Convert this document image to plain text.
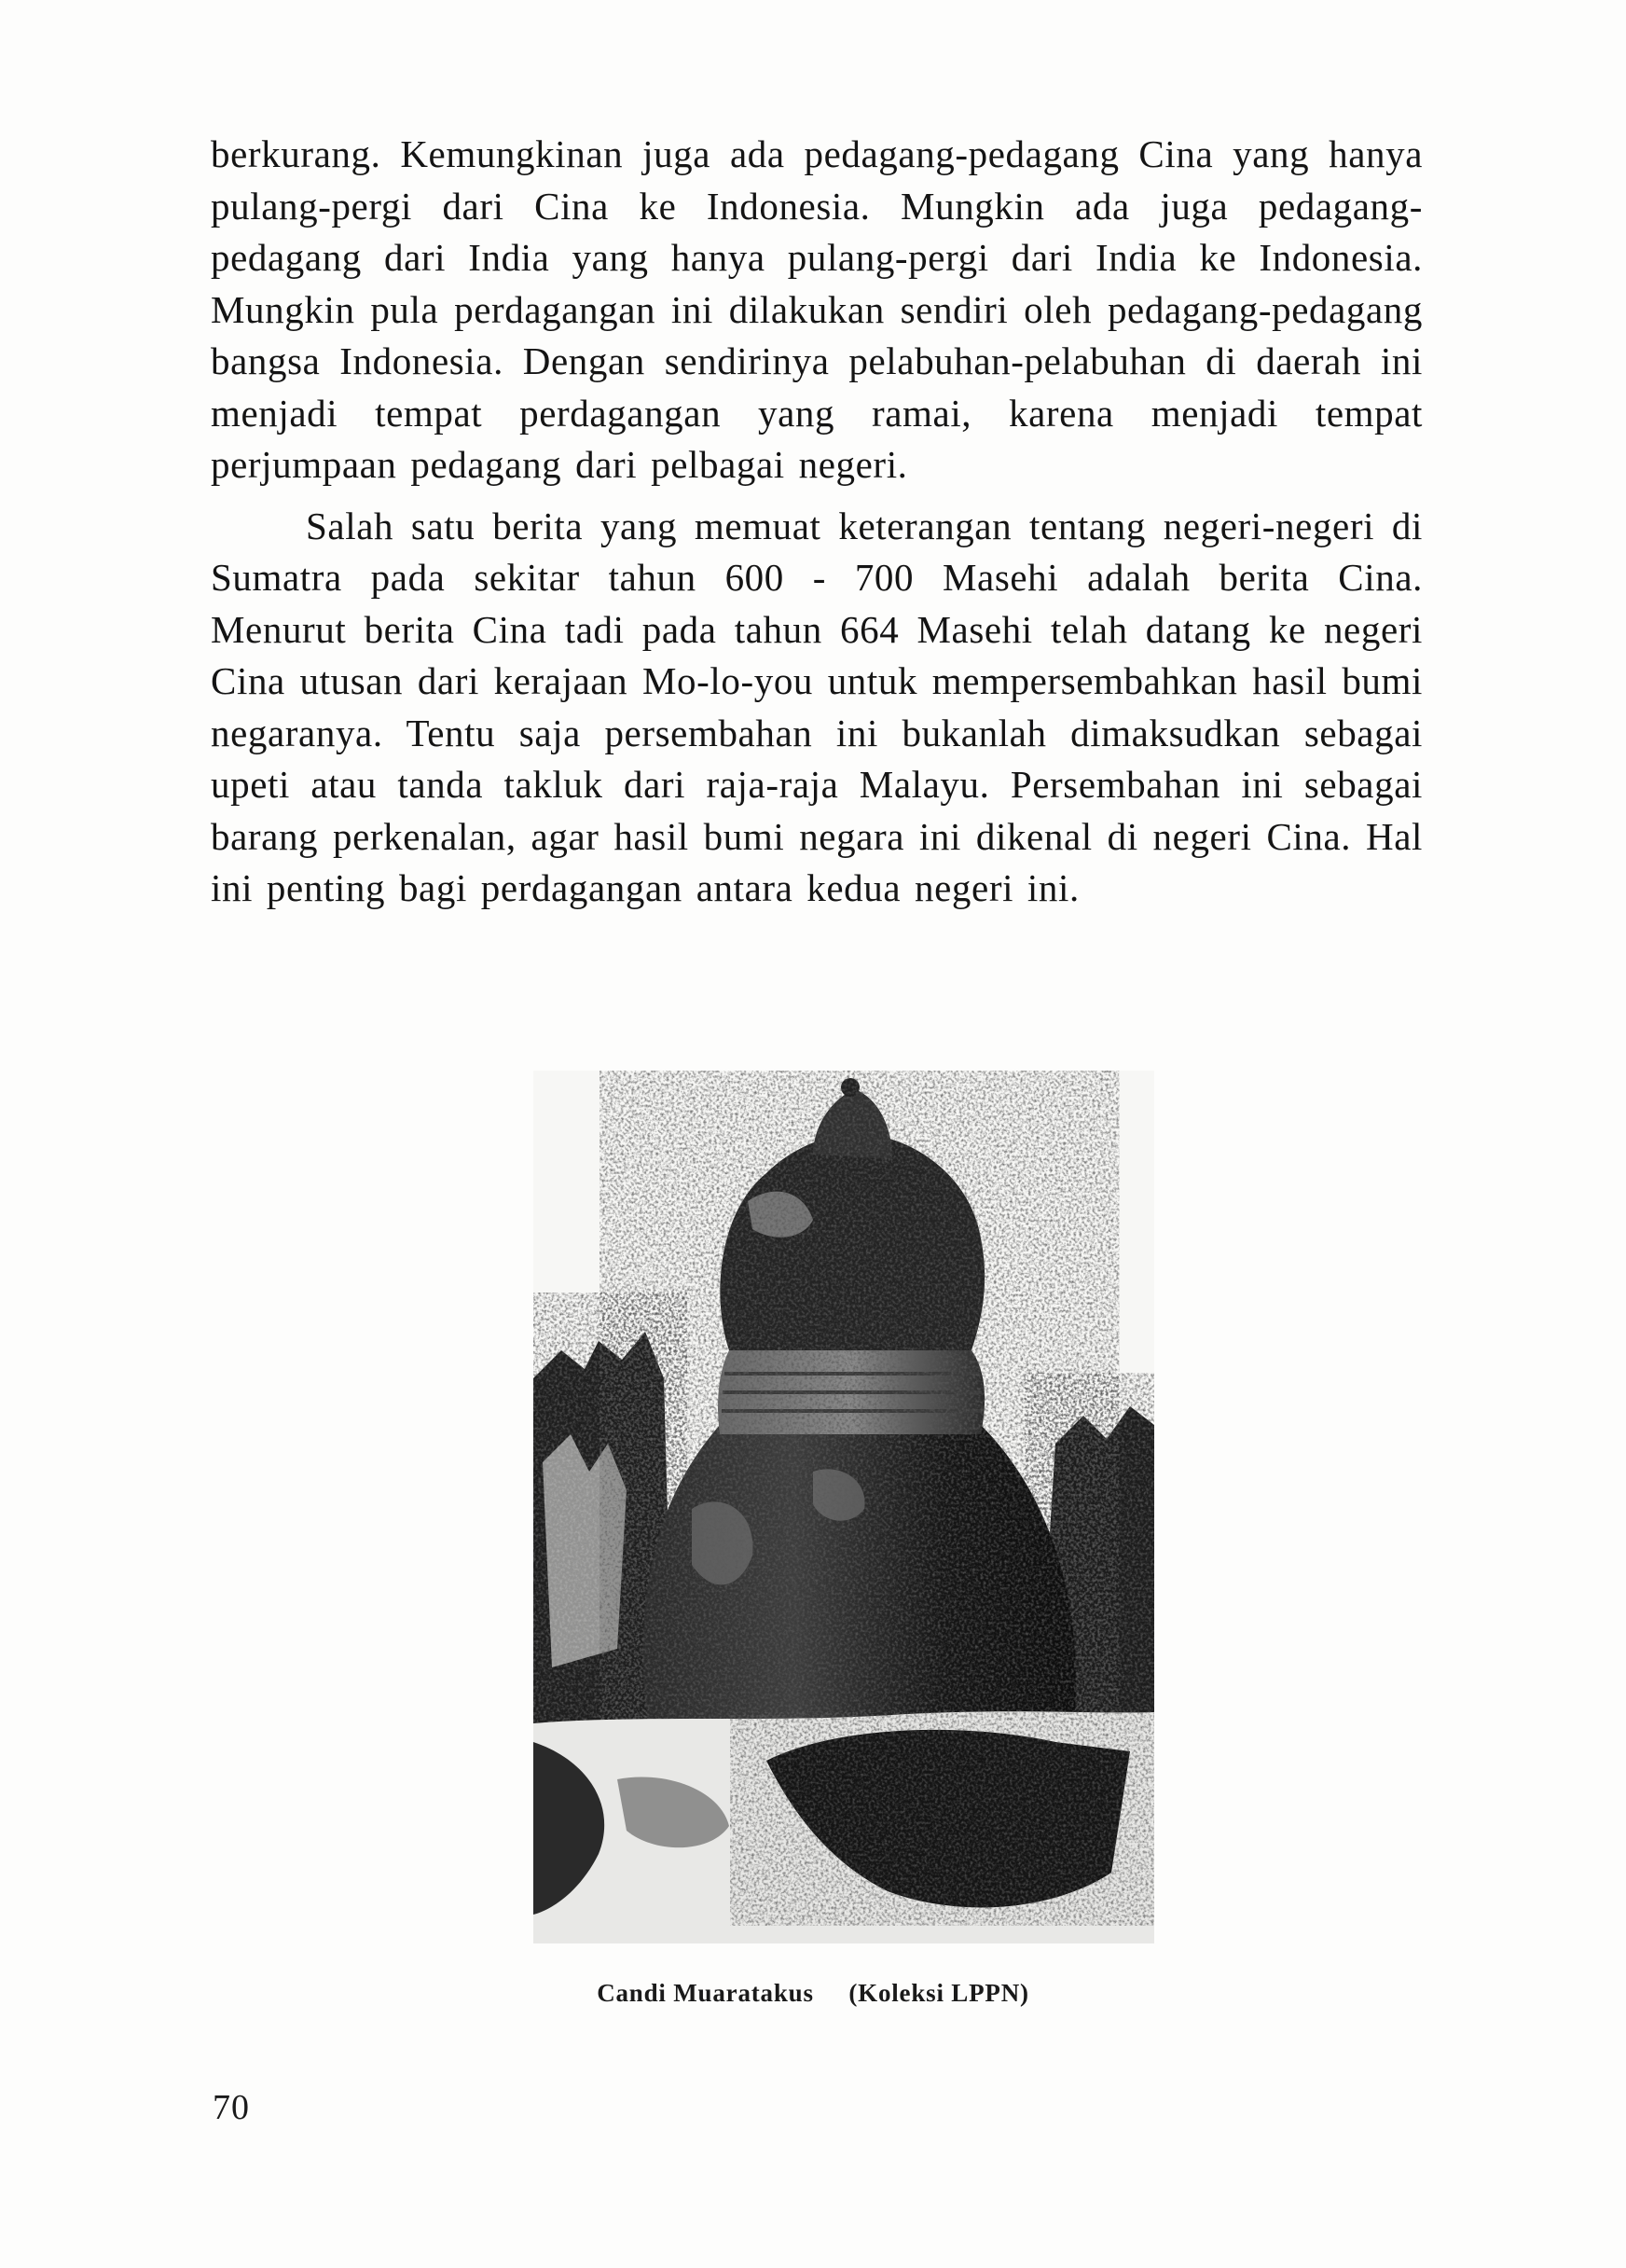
berkurang. Kemungkinan juga ada pedagang-pedagang Cina yang hanya pulang-pergi dari Cina ke Indonesia. Mungkin ada juga pedagang-pedagang dari India yang hanya pulang-pergi dari India ke Indonesia. Mungkin pula perdagangan ini dilakukan sendiri oleh pedagang-pedagang bangsa Indonesia. Dengan sendirinya pelabuhan-pelabuhan di daerah ini menjadi tempat perdagangan yang ramai, karena menjadi tempat perjumpaan pedagang dari pelbagai negeri.

Salah satu berita yang memuat keterangan tentang negeri-negeri di Sumatra pada sekitar tahun 600 - 700 Masehi adalah berita Cina. Menurut berita Cina tadi pada tahun 664 Masehi telah datang ke negeri Cina utusan dari kerajaan Mo-lo-you untuk mempersembahkan hasil bumi negaranya. Tentu saja persembahan ini bukanlah dimaksudkan sebagai upeti atau tanda takluk dari raja-raja Malayu. Persembahan ini sebagai barang perkenalan, agar hasil bumi negara ini dikenal di negeri Cina. Hal ini penting bagi perdagangan antara kedua negeri ini.

Candi Muaratakus (Koleksi LPPN)
70
